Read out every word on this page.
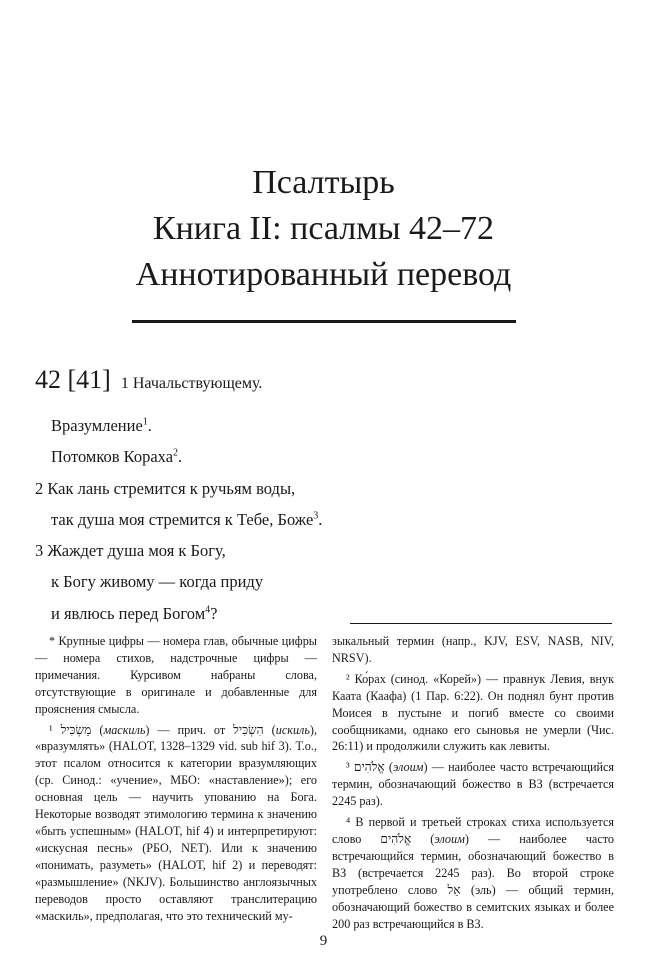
Псалтырь
Книга II: псалмы 42–72
Аннотированный перевод
42 [41] 1 Начальствующему.
Вразумление$^1$.
Потомков Кораха$^2$.
2 Как лань стремится к ручьям воды,
так душа моя стремится к Тебе, Боже$^3$.
3 Жаждет душа моя к Богу,
к Богу живому — когда приду
и явлюсь перед Богом$^4$?

* Крупные цифры — номера глав, обычные цифры — номера стихов, надстрочные цифры — примечания. Курсивом набраны слова, отсутствующие в оригинале и добавленные для прояснения смысла.

¹ מַשְׂכִּיל (маскиль) — прич. от הִשְׂכִּיל (искиль), «вразумлять» (HALOT, 1328–1329 vid. sub hif 3). Т.о., этот псалом относится к категории вразумляющих (ср. Синод.: «учение», МБО: «наставление»); его основная цель — научить упованию на Бога. Некоторые возводят этимологию термина к значению «быть успешным» (HALOT, hif 4) и интерпретируют: «искусная песнь» (РБО, NET). Или к значению «понимать, разуметь» (HALOT, hif 2) и переводят: «размышление» (NKJV). Большинство англоязычных переводов просто оставляют транслитерацию «маскиль», предполагая, что это технический му-

зыкальный термин (напр., KJV, ESV, NASB, NIV, NRSV).

² Ко́рах (синод. «Корей») — правнук Левия, внук Каата (Каафа) (1 Пар. 6:22). Он поднял бунт против Моисея в пустыне и погиб вместе со своими сообщниками, однако его сыновья не умерли (Чис. 26:11) и продолжили служить как левиты.

³ אֱלֹהִים (элоим) — наиболее часто встречающийся термин, обозначающий божество в ВЗ (встречается 2245 раз).

⁴ В первой и третьей строках стиха используется слово אֱלֹהִים (элоим) — наиболее часто встречающийся термин, обозначающий божество в ВЗ (встречается 2245 раз). Во второй строке употреблено слово אֵל (эль) — общий термин, обозначающий божество в семитских языках и более 200 раз встречающийся в ВЗ.

9
